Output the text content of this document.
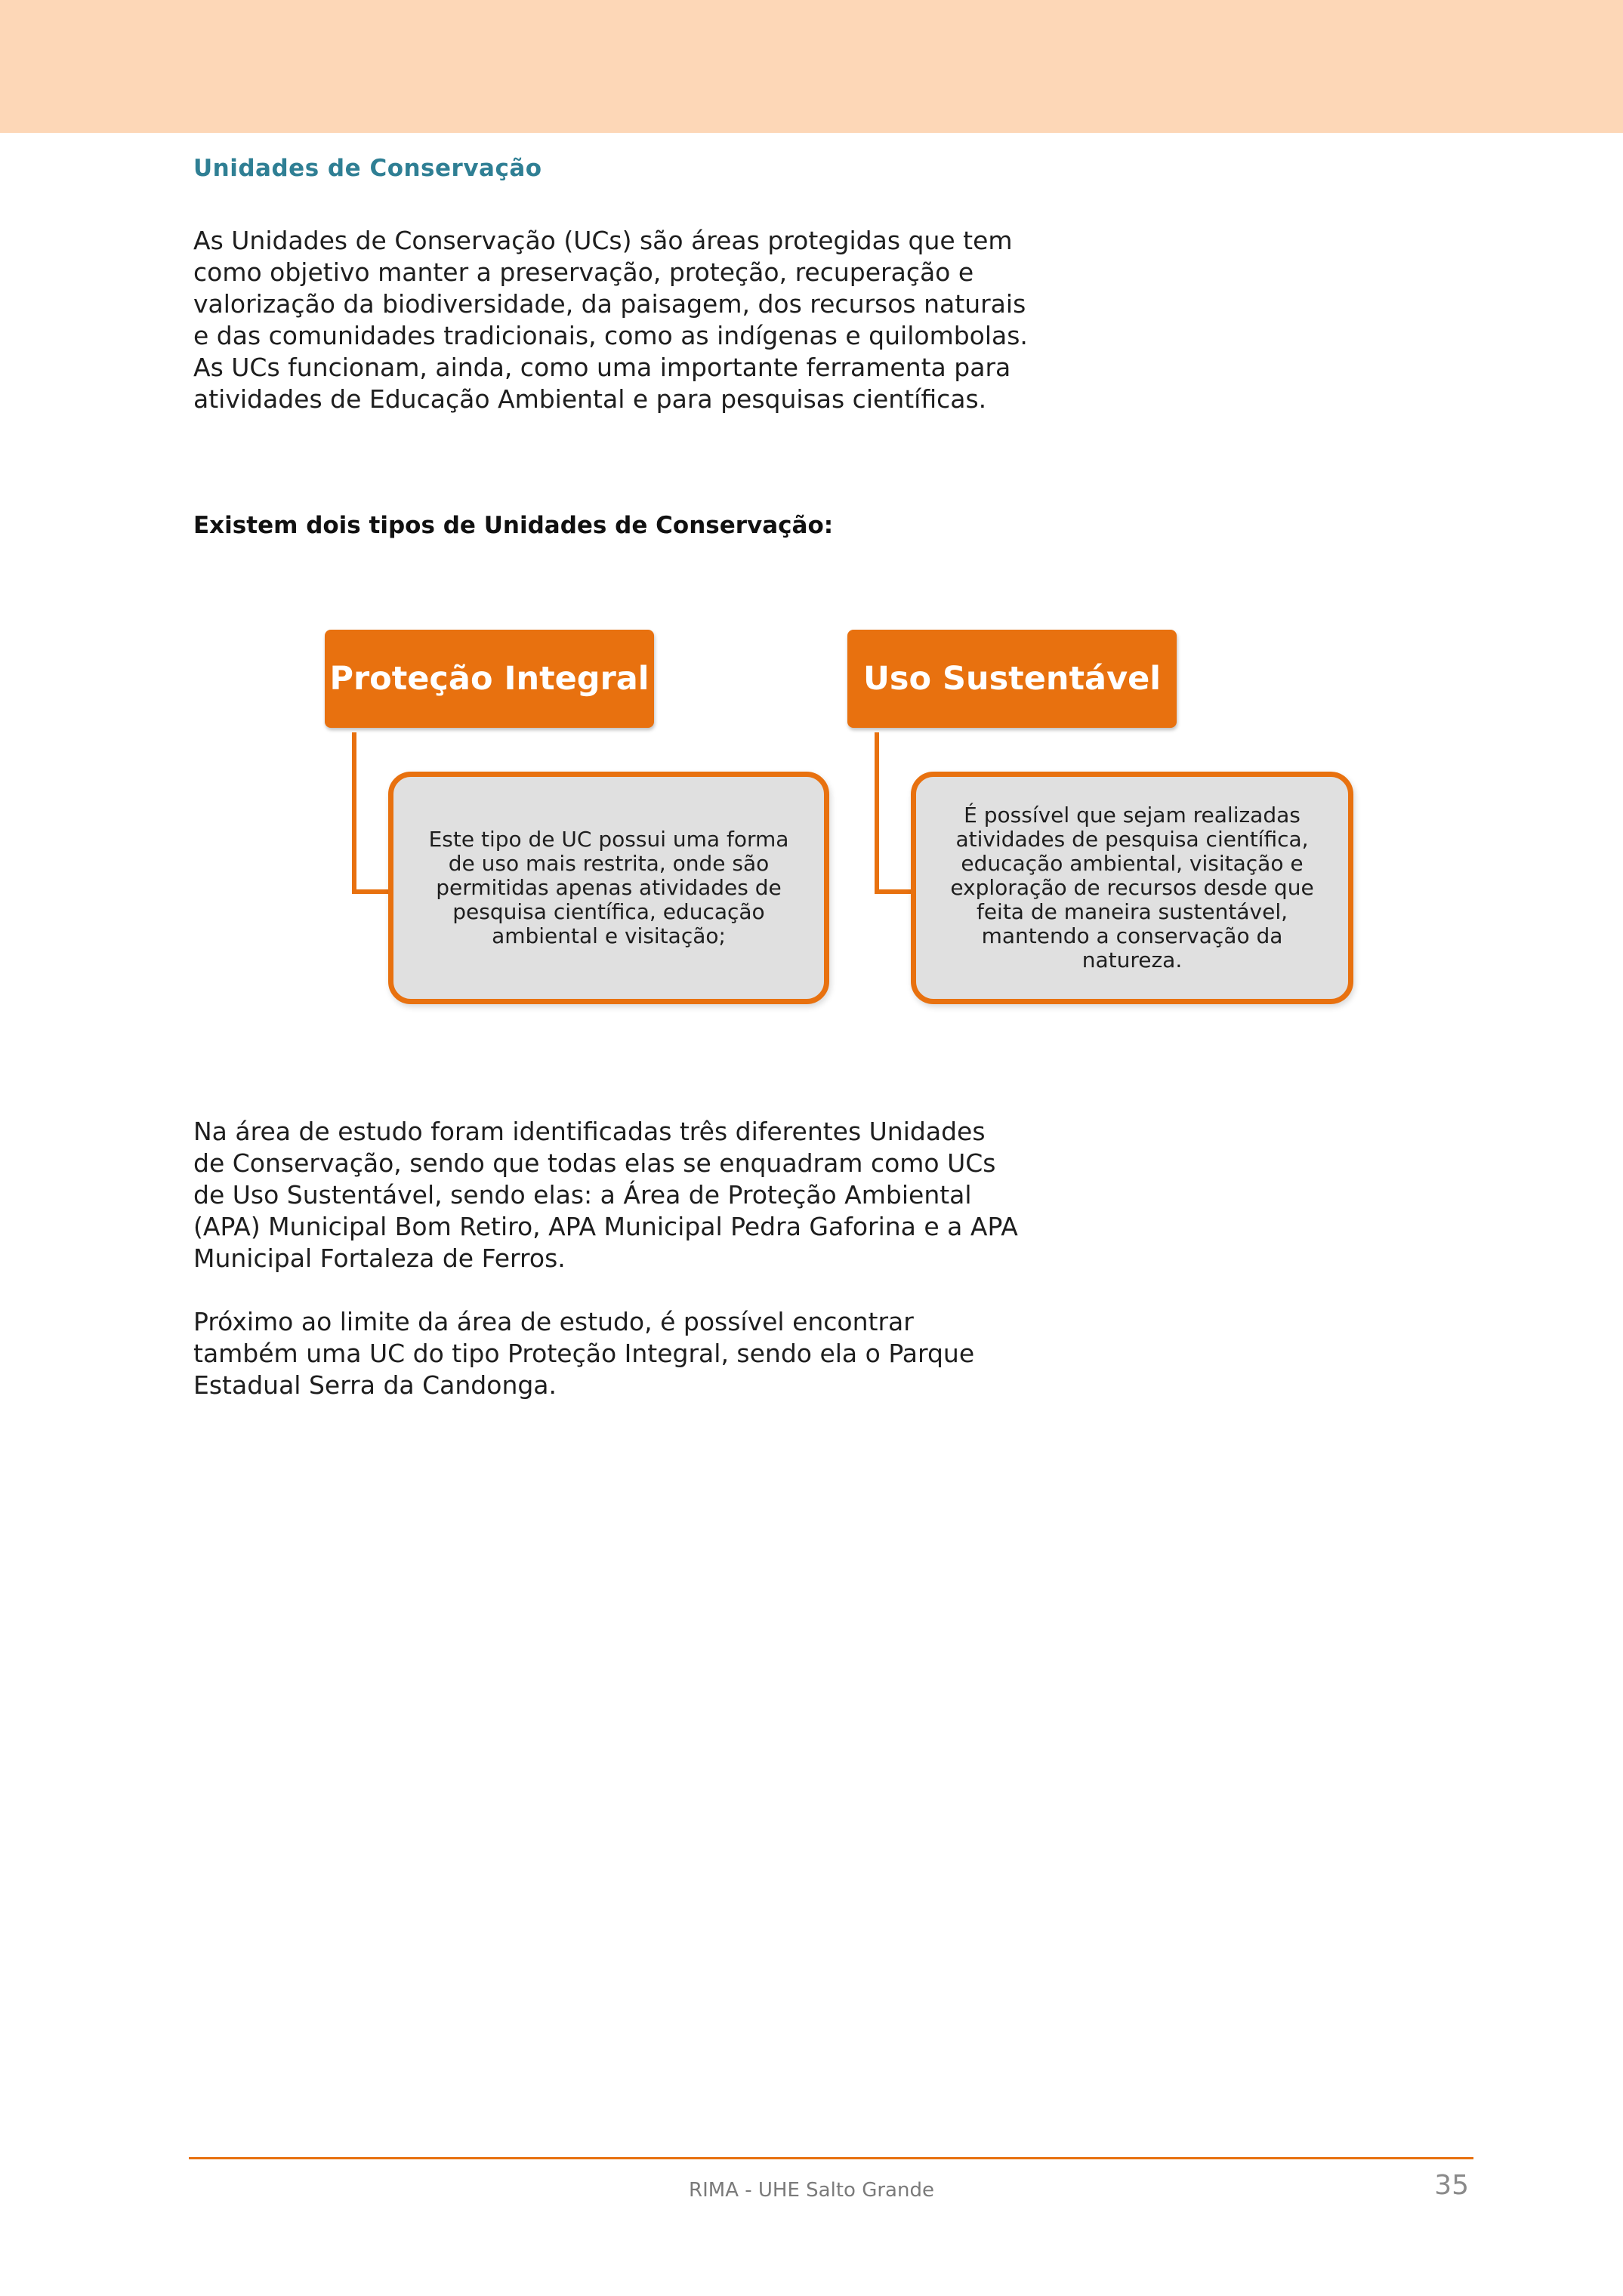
Unidades de Conservação

As Unidades de Conservação (UCs) são áreas protegidas que tem como objetivo manter a preservação, proteção, recuperação e valorização da biodiversidade, da paisagem, dos recursos naturais e das comunidades tradicionais, como as indígenas e quilombolas. As UCs funcionam, ainda, como uma importante ferramenta para atividades de Educação Ambiental e para pesquisas científicas.

Existem dois tipos de Unidades de Conservação:

Proteção Integral
Este tipo de UC possui uma forma de uso mais restrita, onde são permitidas apenas atividades de pesquisa científica, educação ambiental e visitação;
Uso Sustentável
É possível que sejam realizadas atividades de pesquisa científica, educação ambiental, visitação e exploração de recursos desde que feita de maneira sustentável, mantendo a conservação da natureza.

Na área de estudo foram identificadas três diferentes Unidades de Conservação, sendo que todas elas se enquadram como UCs de Uso Sustentável, sendo elas: a Área de Proteção Ambiental (APA) Municipal Bom Retiro, APA Municipal Pedra Gaforina e a APA Municipal Fortaleza de Ferros.

Próximo ao limite da área de estudo, é possível encontrar também uma UC do tipo Proteção Integral, sendo ela o Parque Estadual Serra da Candonga.

RIMA - UHE Salto Grande	35
